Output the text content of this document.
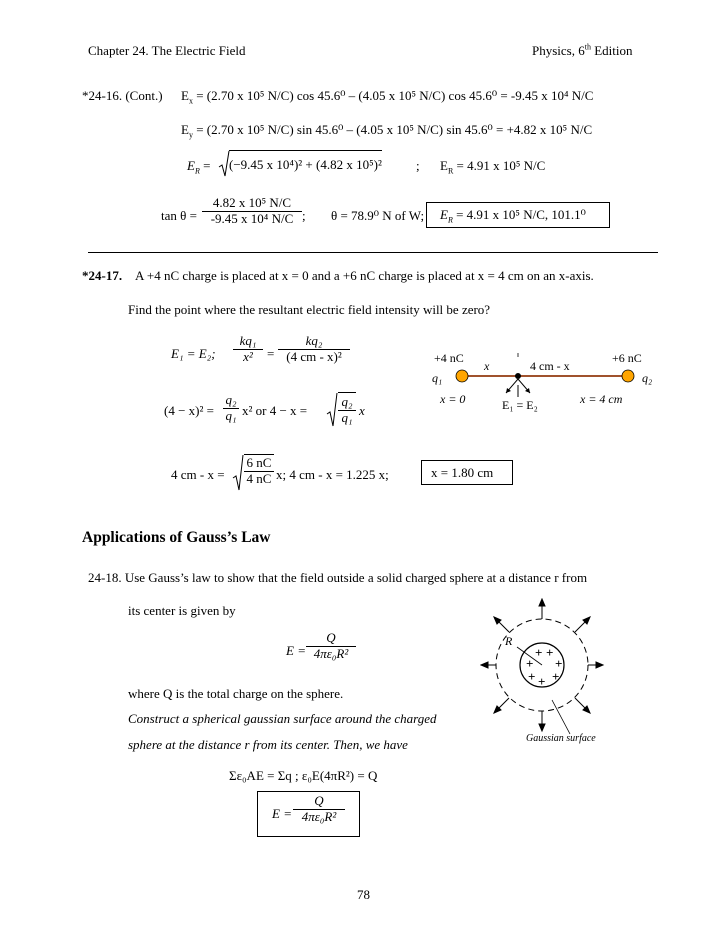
Chapter 24. The Electric Field	Physics, 6th Edition
*24-16. (Cont.) $E_x = (2.70$ x 10⁵ N/C) cos 45.6⁰ – (4.05 x 10⁵ N/C) cos 45.6⁰ = -9.45 x 10⁴ N/C
$E_y = (2.70$ x 10⁵ N/C) sin 45.6⁰ – (4.05 x 10⁵ N/C) sin 45.6⁰ = +4.82 x 10⁵ N/C
$E_R = (-9.45$ x 10⁴)² + (4.82 x 10⁵)²	; $E_R = 4.91$ x 10⁵ N/C
$\tan \theta = \frac{\text{4.82 x 10⁵ N/C}}{\text{-9.45 x 10⁴ N/C}}$ ; θ = 78.9⁰ N of W; $E_R = 4.91$ x 10⁵ N/C, 101.1⁰
*24-17. A +4 nC charge is placed at x = 0 and a +6 nC charge is placed at x = 4 cm on an x-axis.
Find the point where the resultant electric field intensity will be zero?
E₁ = E₂; $\frac{\text{kq₁}}{\text{x²}} = \frac{\text{kq₂}}{\text{(4 cm - x)²}}$
$(4 - x)^2 = \frac{\text{q₂}}{\text{q₁}} x^2$ or $4 - x = \frac{\text{q₂}}{\text{q₁}}$ x
4 cm - $x = \frac{6 nC}{4 nC} x$; 4 cm - x = 1.225 x;	x = 1.80 cm
+4 nC
q₁
x	4 cm - x
+6 nC
q₂
x = 0	E₁ = E₂	x = 4 cm
Applications of Gauss’s Law
24-18. Use Gauss’s law to show that the field outside a solid charged sphere at a distance r from
its center is given by
$E = \frac{Q}{\text{4πε₀R²}}$
where Q is the total charge on the sphere.
Construct a spherical gaussian surface around the charged
sphere at the distance r from its center. Then, we have
Σε₀AE = Σq ; ε₀E(4πR²) = Q
$E = \frac{Q}{\text{4πε₀R²}}$
R
+ +
+ +
+ +
+
Gaussian surface
78
